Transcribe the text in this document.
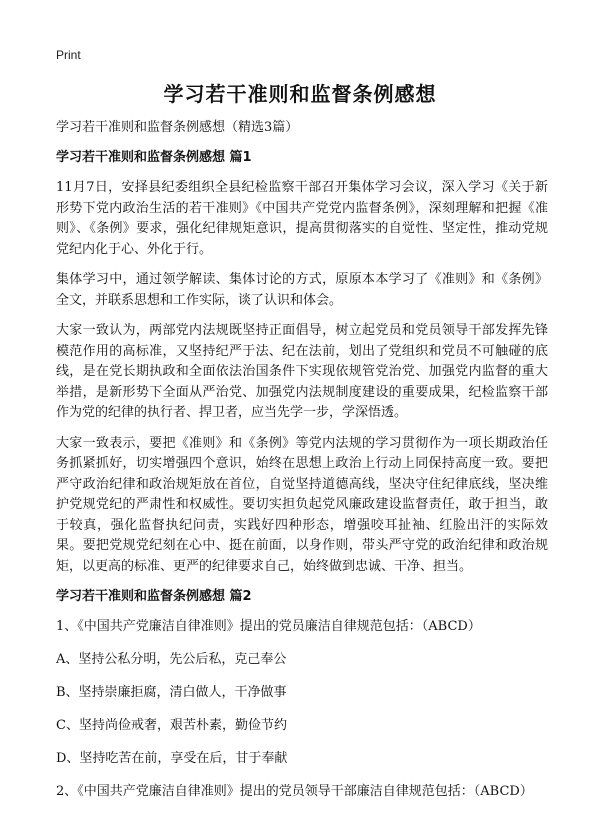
Print
学习若干准则和监督条例感想
学习若干准则和监督条例感想（精选3篇）
学习若干准则和监督条例感想 篇1

11月7日，安择县纪委组织全县纪检监察干部召开集体学习会议，深入学习《关于新形势下党内政治生活的若干准则》《中国共产党党内监督条例》，深刻理解和把握《准则》、《条例》要求，强化纪律规矩意识，提高贯彻落实的自觉性、坚定性，推动党规党纪内化于心、外化于行。

集体学习中，通过领学解读、集体讨论的方式，原原本本学习了《准则》和《条例》全文，并联系思想和工作实际，谈了认识和体会。

大家一致认为，两部党内法规既坚持正面倡导，树立起党员和党员领导干部发挥先锋模范作用的高标准，又坚持纪严于法、纪在法前，划出了党组织和党员不可触碰的底线，是在党长期执政和全面依法治国条件下实现依规管党治党、加强党内监督的重大举措，是新形势下全面从严治党、加强党内法规制度建设的重要成果，纪检监察干部作为党的纪律的执行者、捍卫者，应当先学一步，学深悟透。

大家一致表示，要把《准则》和《条例》等党内法规的学习贯彻作为一项长期政治任务抓紧抓好，切实增强四个意识，始终在思想上政治上行动上同保持高度一致。要把严守政治纪律和政治规矩放在首位，自觉坚持道德高线，坚决守住纪律底线，坚决维护党规党纪的严肃性和权威性。要切实担负起党风廉政建设监督责任，敢于担当，敢于较真，强化监督执纪问责，实践好四种形态，增强咬耳扯袖、红脸出汗的实际效果。要把党规党纪刻在心中、挺在前面，以身作则，带头严守党的政治纪律和政治规矩，以更高的标准、更严的纪律要求自己，始终做到忠诚、干净、担当。

学习若干准则和监督条例感想 篇2
1、《中国共产党廉洁自律准则》提出的党员廉洁自律规范包括：（ABCD）
A、坚持公私分明，先公后私，克己奉公
B、坚持崇廉拒腐，清白做人，干净做事
C、坚持尚俭戒奢，艰苦朴素，勤俭节约
D、坚持吃苦在前，享受在后，甘于奉献
2、《中国共产党廉洁自律准则》提出的党员领导干部廉洁自律规范包括：（ABCD）
